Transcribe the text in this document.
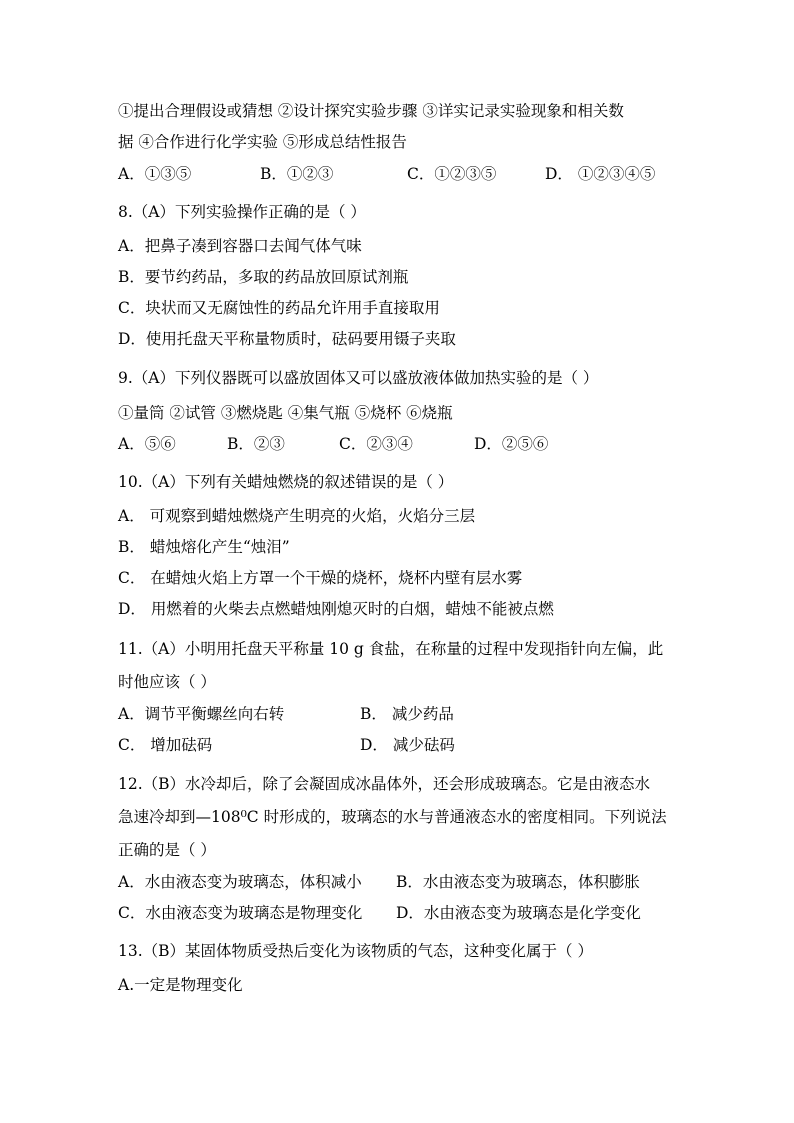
①提出合理假设或猜想 ②设计探究实验步骤 ③详实记录实验现象和相关数
据 ④合作进行化学实验 ⑤形成总结性报告
A．①③⑤	B．①②③	C．①②③⑤	D． ①②③④⑤
8.（A）下列实验操作正确的是（ ）
A．把鼻子凑到容器口去闻气体气味
B．要节约药品，多取的药品放回原试剂瓶
C．块状而又无腐蚀性的药品允许用手直接取用
D．使用托盘天平称量物质时，砝码要用镊子夹取
9.（A）下列仪器既可以盛放固体又可以盛放液体做加热实验的是（ ）
①量筒 ②试管 ③燃烧匙 ④集气瓶 ⑤烧杯 ⑥烧瓶
A．⑤⑥	B．②③	C．②③④	D．②⑤⑥
10.（A）下列有关蜡烛燃烧的叙述错误的是（ ）
A． 可观察到蜡烛燃烧产生明亮的火焰，火焰分三层
B． 蜡烛熔化产生“烛泪”
C． 在蜡烛火焰上方罩一个干燥的烧杯，烧杯内壁有层水雾
D． 用燃着的火柴去点燃蜡烛刚熄灭时的白烟，蜡烛不能被点燃
11.（A）小明用托盘天平称量 10 g 食盐，在称量的过程中发现指针向左偏，此
时他应该（ ）
A．调节平衡螺丝向右转	B． 减少药品
C． 增加砝码	D． 减少砝码
12.（B）水冷却后，除了会凝固成冰晶体外，还会形成玻璃态。它是由液态水
急速冷却到—108⁰C 时形成的，玻璃态的水与普通液态水的密度相同。下列说法
正确的是（ ）
A．水由液态变为玻璃态，体积减小 B．水由液态变为玻璃态，体积膨胀
C．水由液态变为玻璃态是物理变化 D．水由液态变为玻璃态是化学变化
13.（B）某固体物质受热后变化为该物质的气态，这种变化属于（ ）
A.一定是物理变化
